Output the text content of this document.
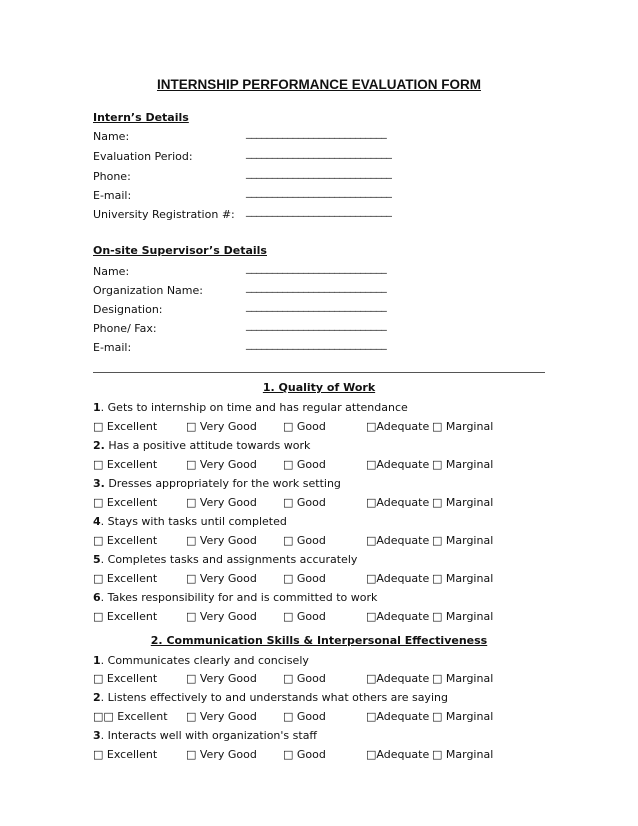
INTERNSHIP PERFORMANCE EVALUATION FORM
Intern’s Details
Name:	___________________________
Evaluation Period:	____________________________
Phone:	____________________________
E-mail:	____________________________
University Registration #: ____________________________
On-site Supervisor’s Details
Name:	___________________________
Organization Name:	___________________________
Designation:	___________________________
Phone/ Fax:	___________________________
E-mail:	___________________________
1. Quality of Work
1. Gets to internship on time and has regular attendance
□ Excellent	□ Very Good □ Good	□Adequate □ Marginal
2. Has a positive attitude towards work
□ Excellent	□ Very Good □ Good	□Adequate □ Marginal
3. Dresses appropriately for the work setting
□ Excellent	□ Very Good □ Good	□Adequate □ Marginal
4. Stays with tasks until completed
□ Excellent	□ Very Good □ Good	□Adequate □ Marginal
5. Completes tasks and assignments accurately
□ Excellent	□ Very Good □ Good	□Adequate □ Marginal
6. Takes responsibility for and is committed to work
□ Excellent	□ Very Good □ Good	□Adequate □ Marginal
2. Communication Skills & Interpersonal Effectiveness
1. Communicates clearly and concisely
□ Excellent	□ Very Good □ Good	□Adequate □ Marginal
2. Listens effectively to and understands what others are saying
□□ Excellent □ Very Good □ Good	□Adequate □ Marginal
3. Interacts well with organization's staff
□ Excellent	□ Very Good □ Good	□Adequate □ Marginal
